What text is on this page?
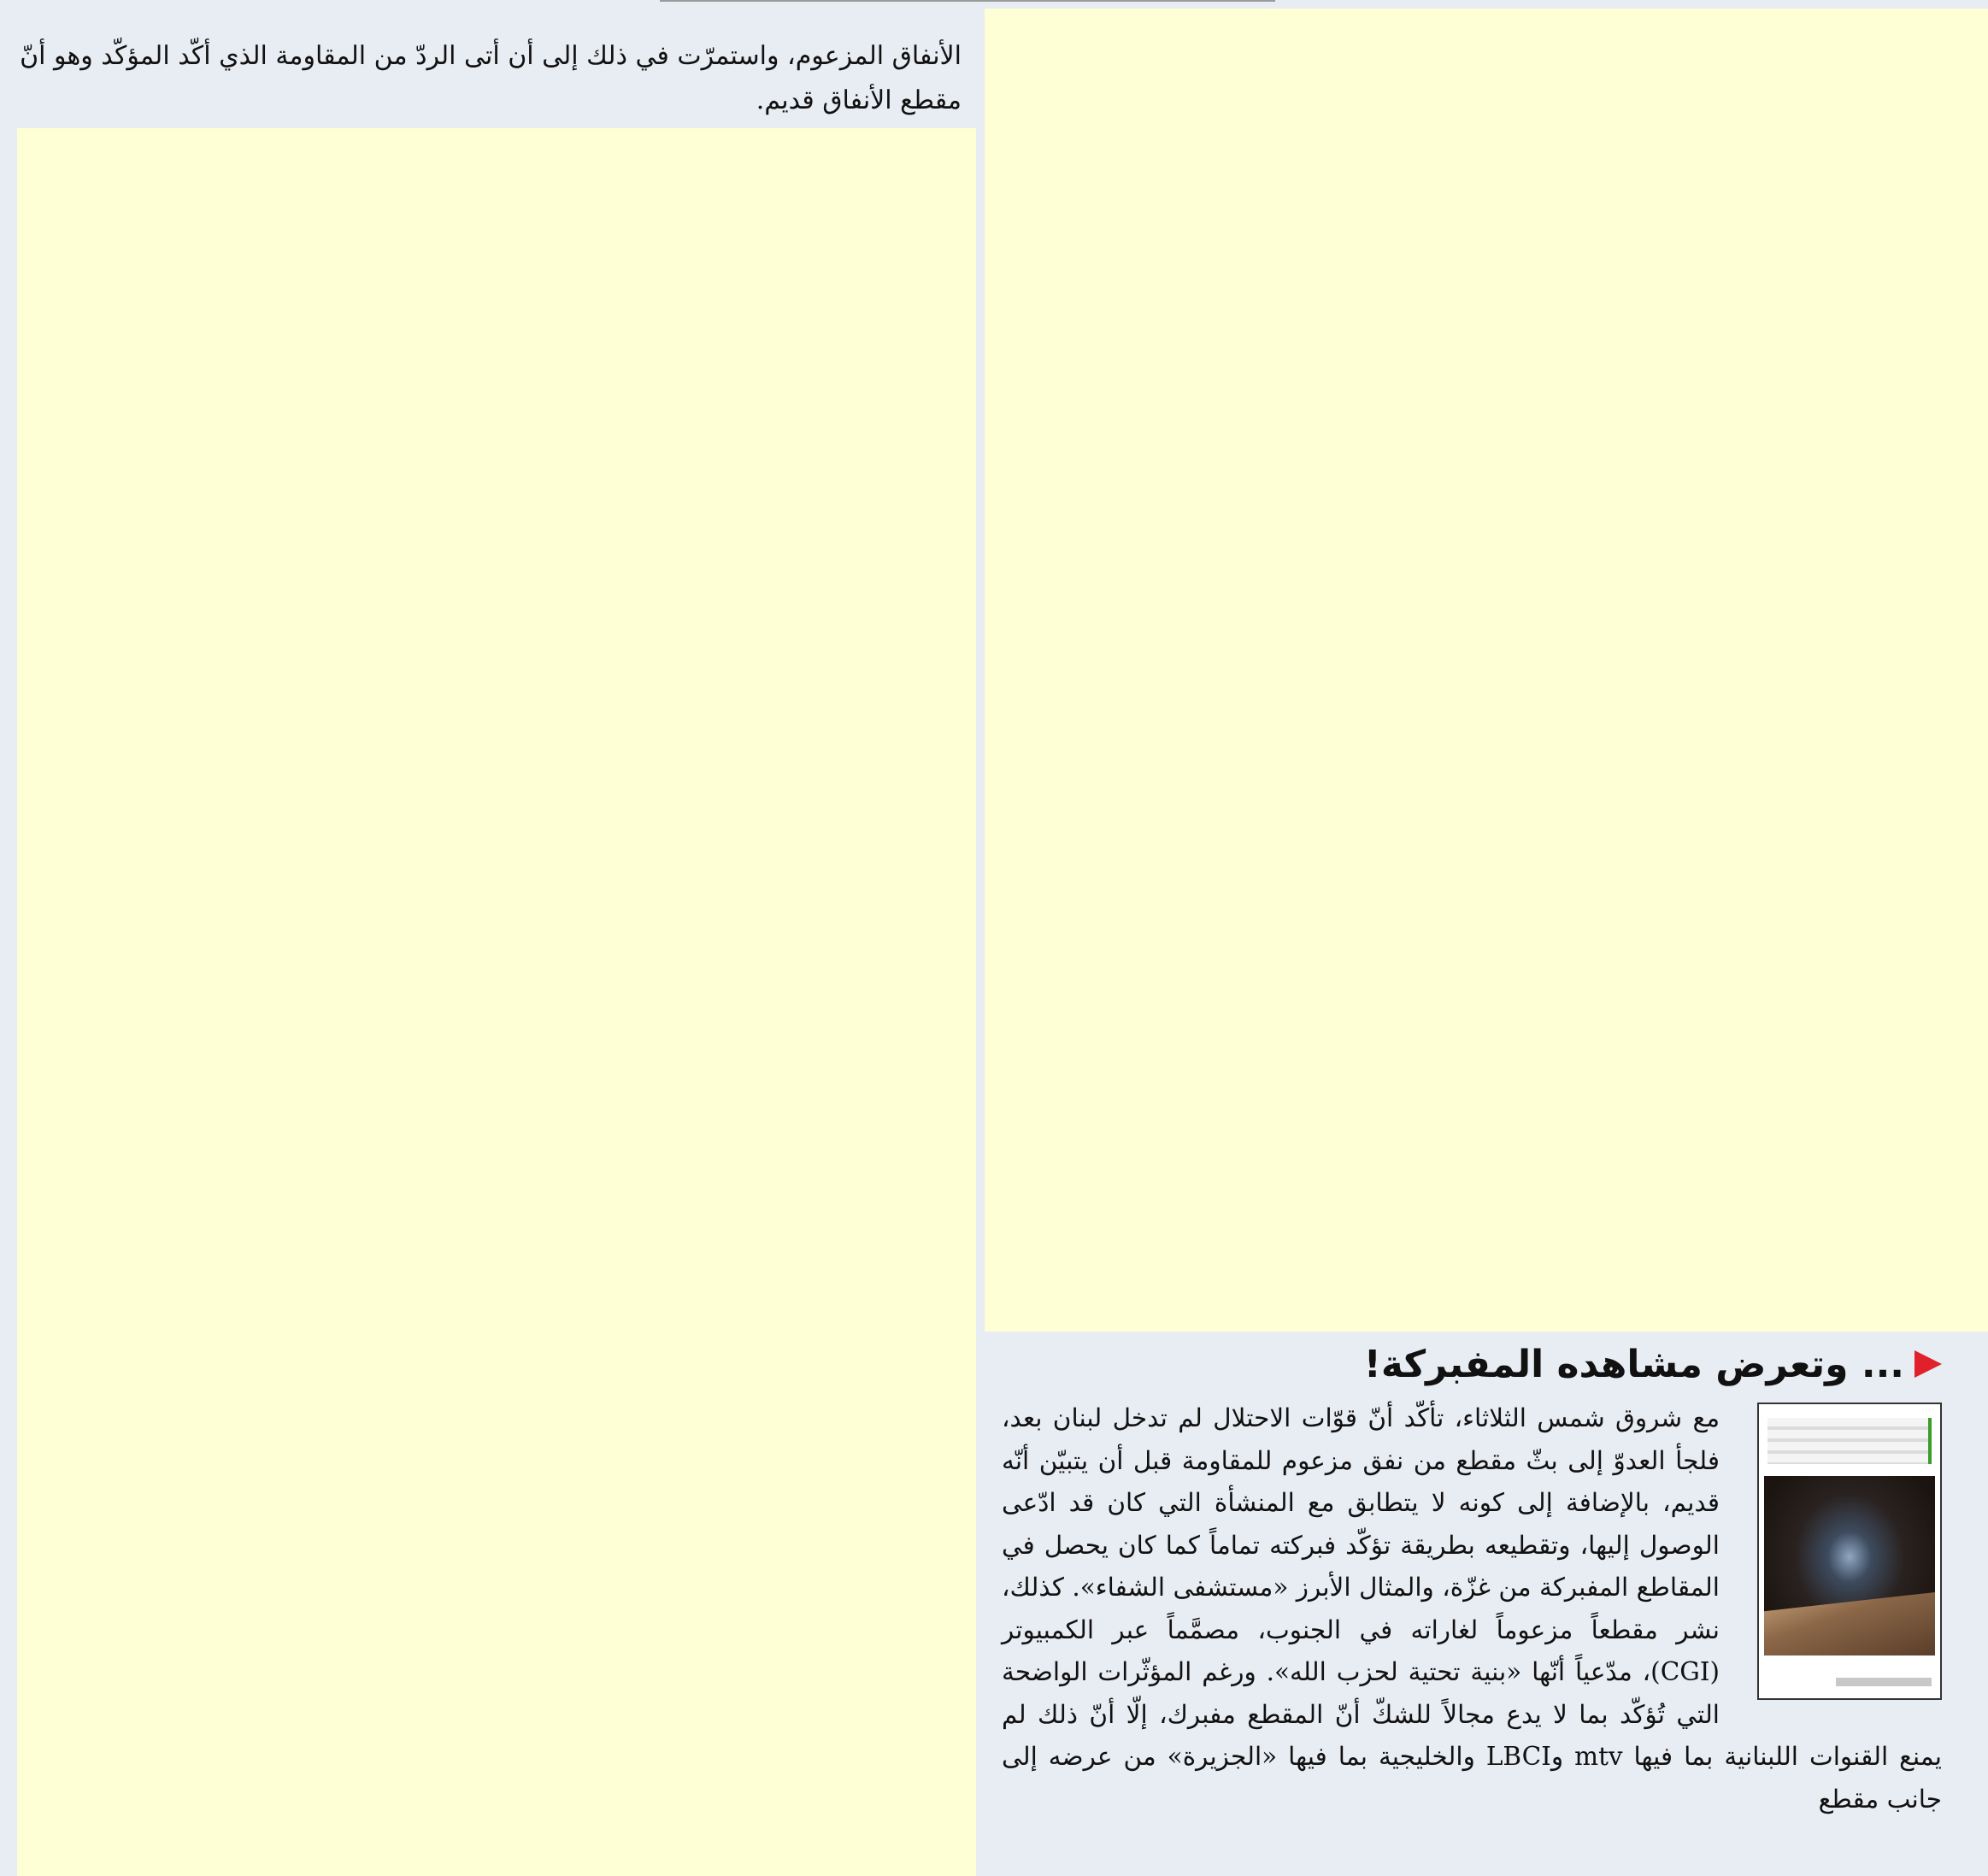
الأنفاق المزعوم، واستمرّت في ذلك إلى أن أتى الردّ من المقاومة الذي أكّد المؤكّد وهو أنّ مقطع الأنفاق قديم.
... وتعرض مشاهده المفبركة!
مع شروق شمس الثلاثاء، تأكّد أنّ قوّات الاحتلال لم تدخل لبنان بعد، فلجأ العدوّ إلى بثّ مقطع من نفق مزعوم للمقاومة قبل أن يتبيّن أنّه قديم، بالإضافة إلى كونه لا يتطابق مع المنشأة التي كان قد ادّعى الوصول إليها، وتقطيعه بطريقة تؤكّد فبركته تماماً كما كان يحصل في المقاطع المفبركة من غزّة، والمثال الأبرز «مستشفى الشفاء». كذلك، نشر مقطعاً مزعوماً لغاراته في الجنوب، مصمَّماً عبر الكمبيوتر (CGI)، مدّعياً أنّها «بنية تحتية لحزب الله». ورغم المؤثّرات الواضحة التي تُؤكّد بما لا يدع مجالاً للشكّ أنّ المقطع مفبرك، إلّا أنّ ذلك لم يمنع القنوات اللبنانية بما فيها mtv وLBCI والخليجية بما فيها «الجزيرة» من عرضه إلى جانب مقطع
